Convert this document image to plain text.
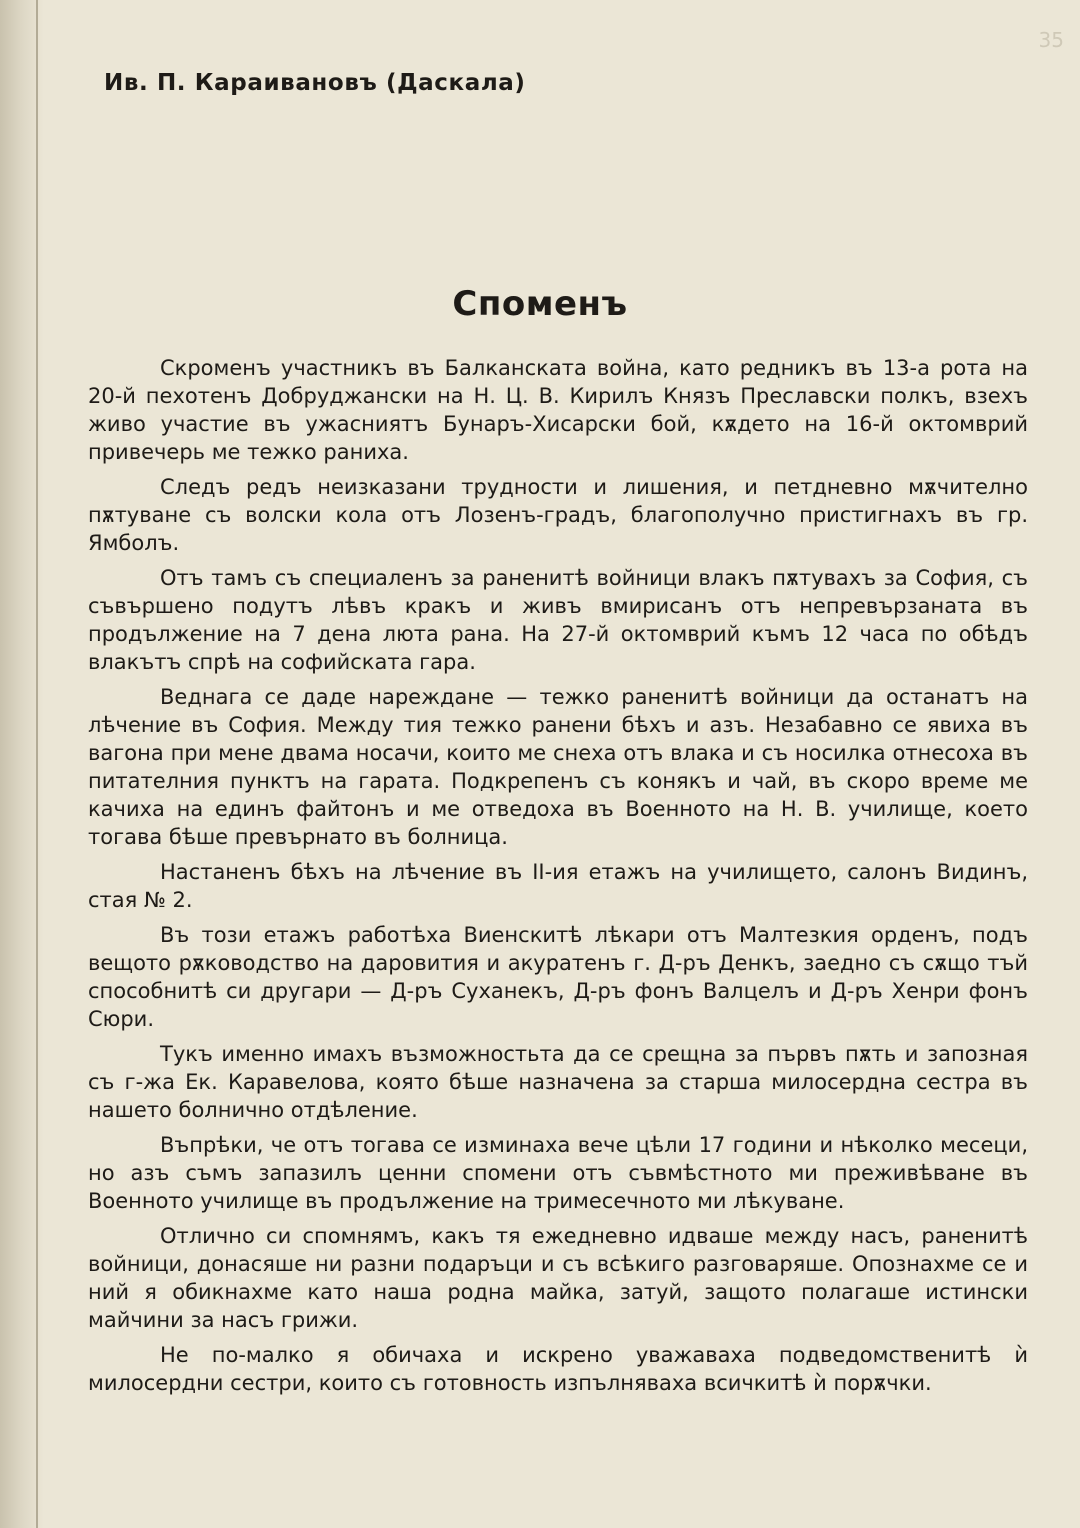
35
Ив. П. Караивановъ (Даскала)
Споменъ

Скроменъ участникъ въ Балканската война, като редникъ въ 13-а рота на 20-й пехотенъ Добруджански на Н. Ц. В. Кирилъ Князъ Преславски полкъ, взехъ живо участие въ ужасниятъ Бунаръ-Хисарски бой, кѫдето на 16-й октомврий привечерь ме тежко раниха.

Следъ редъ неизказани трудности и лишения, и петдневно мѫчително пѫтуване съ волски кола отъ Лозенъ-градъ, благополучно пристигнахъ въ гр. Ямболъ.

Отъ тамъ съ специаленъ за раненитѣ войници влакъ пѫтувахъ за София, съ съвършено подутъ лѣвъ кракъ и живъ вмирисанъ отъ непревързаната въ продължение на 7 дена люта рана. На 27-й октомврий къмъ 12 часа по обѣдъ влакътъ спрѣ на софийската гара.

Веднага се даде нареждане — тежко раненитѣ войници да останатъ на лѣчение въ София. Между тия тежко ранени бѣхъ и азъ. Незабавно се явиха въ вагона при мене двама носачи, които ме снеха отъ влака и съ носилка отнесоха въ питателния пунктъ на гарата. Подкрепенъ съ конякъ и чай, въ скоро време ме качиха на единъ файтонъ и ме отведоха въ Военното на Н. В. училище, което тогава бѣше превърнато въ болница.

Настаненъ бѣхъ на лѣчение въ II-ия етажъ на училището, салонъ Видинъ, стая № 2.

Въ този етажъ работѣха Виенскитѣ лѣкари отъ Малтезкия орденъ, подъ вещото рѫководство на даровития и акуратенъ г. Д-ръ Денкъ, заедно съ сѫщо тъй способнитѣ си другари — Д-ръ Суханекъ, Д-ръ фонъ Валцелъ и Д-ръ Хенри фонъ Сюри.

Тукъ именно имахъ възможностьта да се срещна за първъ пѫть и запозная съ г-жа Ек. Каравелова, която бѣше назначена за старша милосердна сестра въ нашето болнично отдѣление.

Въпрѣки, че отъ тогава се изминаха вече цѣли 17 години и нѣколко месеци, но азъ съмъ запазилъ ценни спомени отъ съвмѣстното ми преживѣване въ Военното училище въ продължение на тримесечното ми лѣкуване.

Отлично си спомнямъ, какъ тя ежедневно идваше между насъ, раненитѣ войници, донасяше ни разни подаръци и съ всѣкиго разговаряше. Опознахме се и ний я обикнахме като наша родна майка, затуй, защото полагаше истински майчини за насъ грижи.

Не по-малко я обичаха и искрено уважаваха подведомственитѣ ѝ милосердни сестри, които съ готовность изпълняваха всичкитѣ ѝ порѫчки.
